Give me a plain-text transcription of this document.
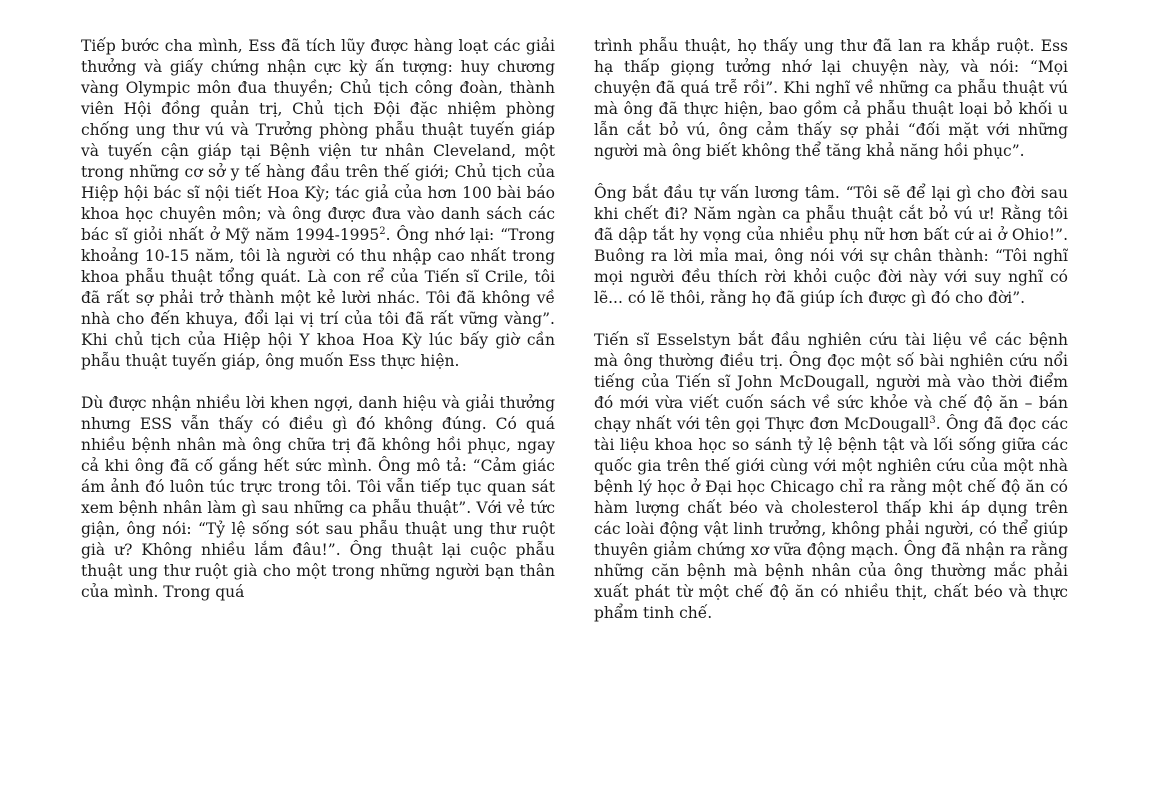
Tiếp bước cha mình, Ess đã tích lũy được hàng loạt các giải thưởng và giấy chứng nhận cực kỳ ấn tượng: huy chương vàng Olympic môn đua thuyền; Chủ tịch công đoàn, thành viên Hội đồng quản trị, Chủ tịch Đội đặc nhiệm phòng chống ung thư vú và Trưởng phòng phẫu thuật tuyến giáp và tuyến cận giáp tại Bệnh viện tư nhân Cleveland, một trong những cơ sở y tế hàng đầu trên thế giới; Chủ tịch của Hiệp hội bác sĩ nội tiết Hoa Kỳ; tác giả của hơn 100 bài báo khoa học chuyên môn; và ông được đưa vào danh sách các bác sĩ giỏi nhất ở Mỹ năm 1994-1995$^2$. Ông nhớ lại: “Trong khoảng 10-15 năm, tôi là người có thu nhập cao nhất trong khoa phẫu thuật tổng quát. Là con rể của Tiến sĩ Crile, tôi đã rất sợ phải trở thành một kẻ lười nhác. Tôi đã không về nhà cho đến khuya, đổi lại vị trí của tôi đã rất vững vàng”. Khi chủ tịch của Hiệp hội Y khoa Hoa Kỳ lúc bấy giờ cần phẫu thuật tuyến giáp, ông muốn Ess thực hiện.

Dù được nhận nhiều lời khen ngợi, danh hiệu và giải thưởng nhưng ESS vẫn thấy có điều gì đó không đúng. Có quá nhiều bệnh nhân mà ông chữa trị đã không hồi phục, ngay cả khi ông đã cố gắng hết sức mình. Ông mô tả: “Cảm giác ám ảnh đó luôn túc trực trong tôi. Tôi vẫn tiếp tục quan sát xem bệnh nhân làm gì sau những ca phẫu thuật”. Với vẻ tức giận, ông nói: “Tỷ lệ sống sót sau phẫu thuật ung thư ruột già ư? Không nhiều lắm đâu!”. Ông thuật lại cuộc phẫu thuật ung thư ruột già cho một trong những người bạn thân của mình. Trong quá

trình phẫu thuật, họ thấy ung thư đã lan ra khắp ruột. Ess hạ thấp giọng tưởng nhớ lại chuyện này, và nói: “Mọi chuyện đã quá trễ rồi”. Khi nghĩ về những ca phẫu thuật vú mà ông đã thực hiện, bao gồm cả phẫu thuật loại bỏ khối u lẫn cắt bỏ vú, ông cảm thấy sợ phải “đối mặt với những người mà ông biết không thể tăng khả năng hồi phục”.

Ông bắt đầu tự vấn lương tâm. “Tôi sẽ để lại gì cho đời sau khi chết đi? Năm ngàn ca phẫu thuật cắt bỏ vú ư! Rằng tôi đã dập tắt hy vọng của nhiều phụ nữ hơn bất cứ ai ở Ohio!”. Buông ra lời mỉa mai, ông nói với sự chân thành: “Tôi nghĩ mọi người đều thích rời khỏi cuộc đời này với suy nghĩ có lẽ... có lẽ thôi, rằng họ đã giúp ích được gì đó cho đời”.

Tiến sĩ Esselstyn bắt đầu nghiên cứu tài liệu về các bệnh mà ông thường điều trị. Ông đọc một số bài nghiên cứu nổi tiếng của Tiến sĩ John McDougall, người mà vào thời điểm đó mới vừa viết cuốn sách về sức khỏe và chế độ ăn – bán chạy nhất với tên gọi Thực đơn McDougall$^3$. Ông đã đọc các tài liệu khoa học so sánh tỷ lệ bệnh tật và lối sống giữa các quốc gia trên thế giới cùng với một nghiên cứu của một nhà bệnh lý học ở Đại học Chicago chỉ ra rằng một chế độ ăn có hàm lượng chất béo và cholesterol thấp khi áp dụng trên các loài động vật linh trưởng, không phải người, có thể giúp thuyên giảm chứng xơ vữa động mạch. Ông đã nhận ra rằng những căn bệnh mà bệnh nhân của ông thường mắc phải xuất phát từ một chế độ ăn có nhiều thịt, chất béo và thực phẩm tinh chế.
